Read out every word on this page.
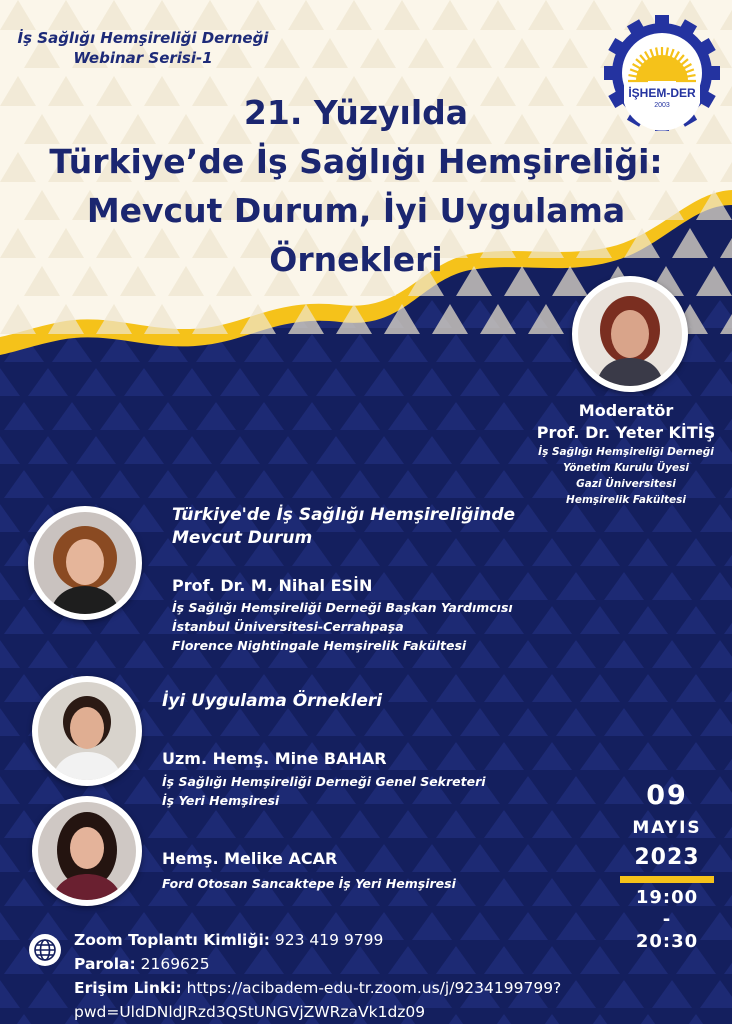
İş Sağlığı Hemşireliği Derneği
Webinar Serisi-1
İŞHEM-DER
2003
21. Yüzyılda
Türkiye’de İş Sağlığı Hemşireliği:
Mevcut Durum, İyi Uygulama
Örnekleri
Moderatör
Prof. Dr. Yeter KİTİŞ
İş Sağlığı Hemşireliği Derneği
Yönetim Kurulu Üyesi
Gazi Üniversitesi
Hemşirelik Fakültesi
Türkiye'de İş Sağlığı Hemşireliğinde
Mevcut Durum
Prof. Dr. M. Nihal ESİN
İş Sağlığı Hemşireliği Derneği Başkan Yardımcısı
İstanbul Üniversitesi-Cerrahpaşa
Florence Nightingale Hemşirelik Fakültesi
İyi Uygulama Örnekleri
Uzm. Hemş. Mine BAHAR
İş Sağlığı Hemşireliği Derneği Genel Sekreteri
İş Yeri Hemşiresi
Hemş. Melike ACAR
Ford Otosan Sancaktepe İş Yeri Hemşiresi
09
MAYIS
2023
19:00
-
20:30
Zoom Toplantı Kimliği: 923 419 9799
Parola: 2169625
Erişim Linki: https://acibadem-edu-tr.zoom.us/j/9234199799?
pwd=UldDNldJRzd3QStUNGVjZWRzaVk1dz09
